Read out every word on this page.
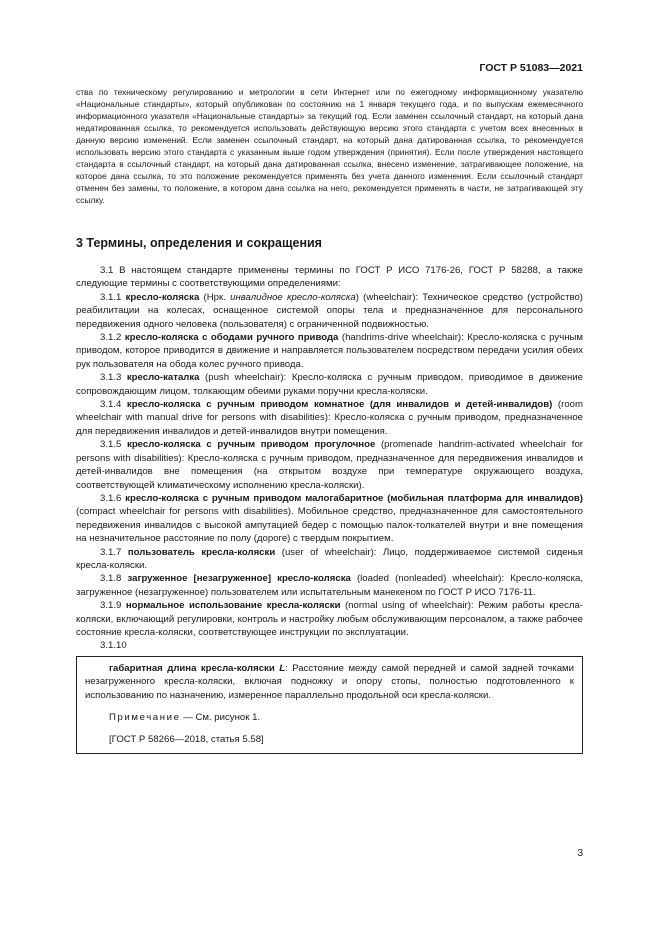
ГОСТ Р 51083—2021

ства по техническому регулированию и метрологии в сети Интернет или по ежегодному информационному указателю «Национальные стандарты», который опубликован по состоянию на 1 января текущего года, и по выпускам ежемесячного информационного указателя «Национальные стандарты» за текущий год. Если заменен ссылочный стандарт, на который дана недатированная ссылка, то рекомендуется использовать действующую версию этого стандарта с учетом всех внесенных в данную версию изменений. Если заменен ссылочный стандарт, на который дана датированная ссылка, то рекомендуется использовать версию этого стандарта с указанным выше годом утверждения (принятия). Если после утверждения настоящего стандарта в ссылочный стандарт, на который дана датированная ссылка, внесено изменение, затрагивающее положение, на которое дана ссылка, то это положение рекомендуется применять без учета данного изменения. Если ссылочный стандарт отменен без замены, то положение, в котором дана ссылка на него, рекомендуется применять в части, не затрагивающей эту ссылку.

3 Термины, определения и сокращения

3.1 В настоящем стандарте применены термины по ГОСТ Р ИСО 7176-26, ГОСТ Р 58288, а также следующие термины с соответствующими определениями:

3.1.1 кресло-коляска (Нрк. инвалидное кресло-коляска) (wheelchair): Техническое средство (устройство) реабилитации на колесах, оснащенное системой опоры тела и предназначенное для персонального передвижения одного человека (пользователя) с ограниченной подвижностью.

3.1.2 кресло-коляска с ободами ручного привода (handrims-drive wheelchair): Кресло-коляска с ручным приводом, которое приводится в движение и направляется пользователем посредством передачи усилия обеих рук пользователя на обода колес ручного привода.

3.1.3 кресло-каталка (push wheelchair): Кресло-коляска с ручным приводом, приводимое в движение сопровождающим лицом, толкающим обеими руками поручни кресла-коляски.

3.1.4 кресло-коляска с ручным приводом комнатное (для инвалидов и детей-инвалидов) (room wheelchair with manual drive for persons with disabilities): Кресло-коляска с ручным приводом, предназначенное для передвижения инвалидов и детей-инвалидов внутри помещения.

3.1.5 кресло-коляска с ручным приводом прогулочное (promenade handrim-activated wheelchair for persons with disabilities): Кресло-коляска с ручным приводом, предназначенное для передвижения инвалидов и детей-инвалидов вне помещения (на открытом воздухе при температуре окружающего воздуха, соответствующей климатическому исполнению кресла-коляски).

3.1.6 кресло-коляска с ручным приводом малогабаритное (мобильная платформа для инвалидов) (compact wheelchair for persons with disabilities). Мобильное средство, предназначенное для самостоятельного передвижения инвалидов с высокой ампутацией бедер с помощью палок-толкателей внутри и вне помещения на незначительное расстояние по полу (дороге) с твердым покрытием.

3.1.7 пользователь кресла-коляски (user of wheelchair): Лицо, поддерживаемое системой сиденья кресла-коляски.

3.1.8 загруженное [незагруженное] кресло-коляска (loaded (nonleaded) wheelchair): Кресло-коляска, загруженное (незагруженное) пользователем или испытательным манекеном по ГОСТ Р ИСО 7176-11.

3.1.9 нормальное использование кресла-коляски (normal using of wheelchair): Режим работы кресла-коляски, включающий регулировки, контроль и настройку любым обслуживающим персоналом, а также рабочее состояние кресла-коляски, соответствующее инструкции по эксплуатации.

3.1.10

габаритная длина кресла-коляски L: Расстояние между самой передней и самой задней точками незагруженного кресла-коляски, включая подножку и опору стопы, полностью подготовленного к использованию по назначению, измеренное параллельно продольной оси кресла-коляски.

Примечание — См. рисунок 1.

[ГОСТ Р 58266—2018, статья 5.58]

3
